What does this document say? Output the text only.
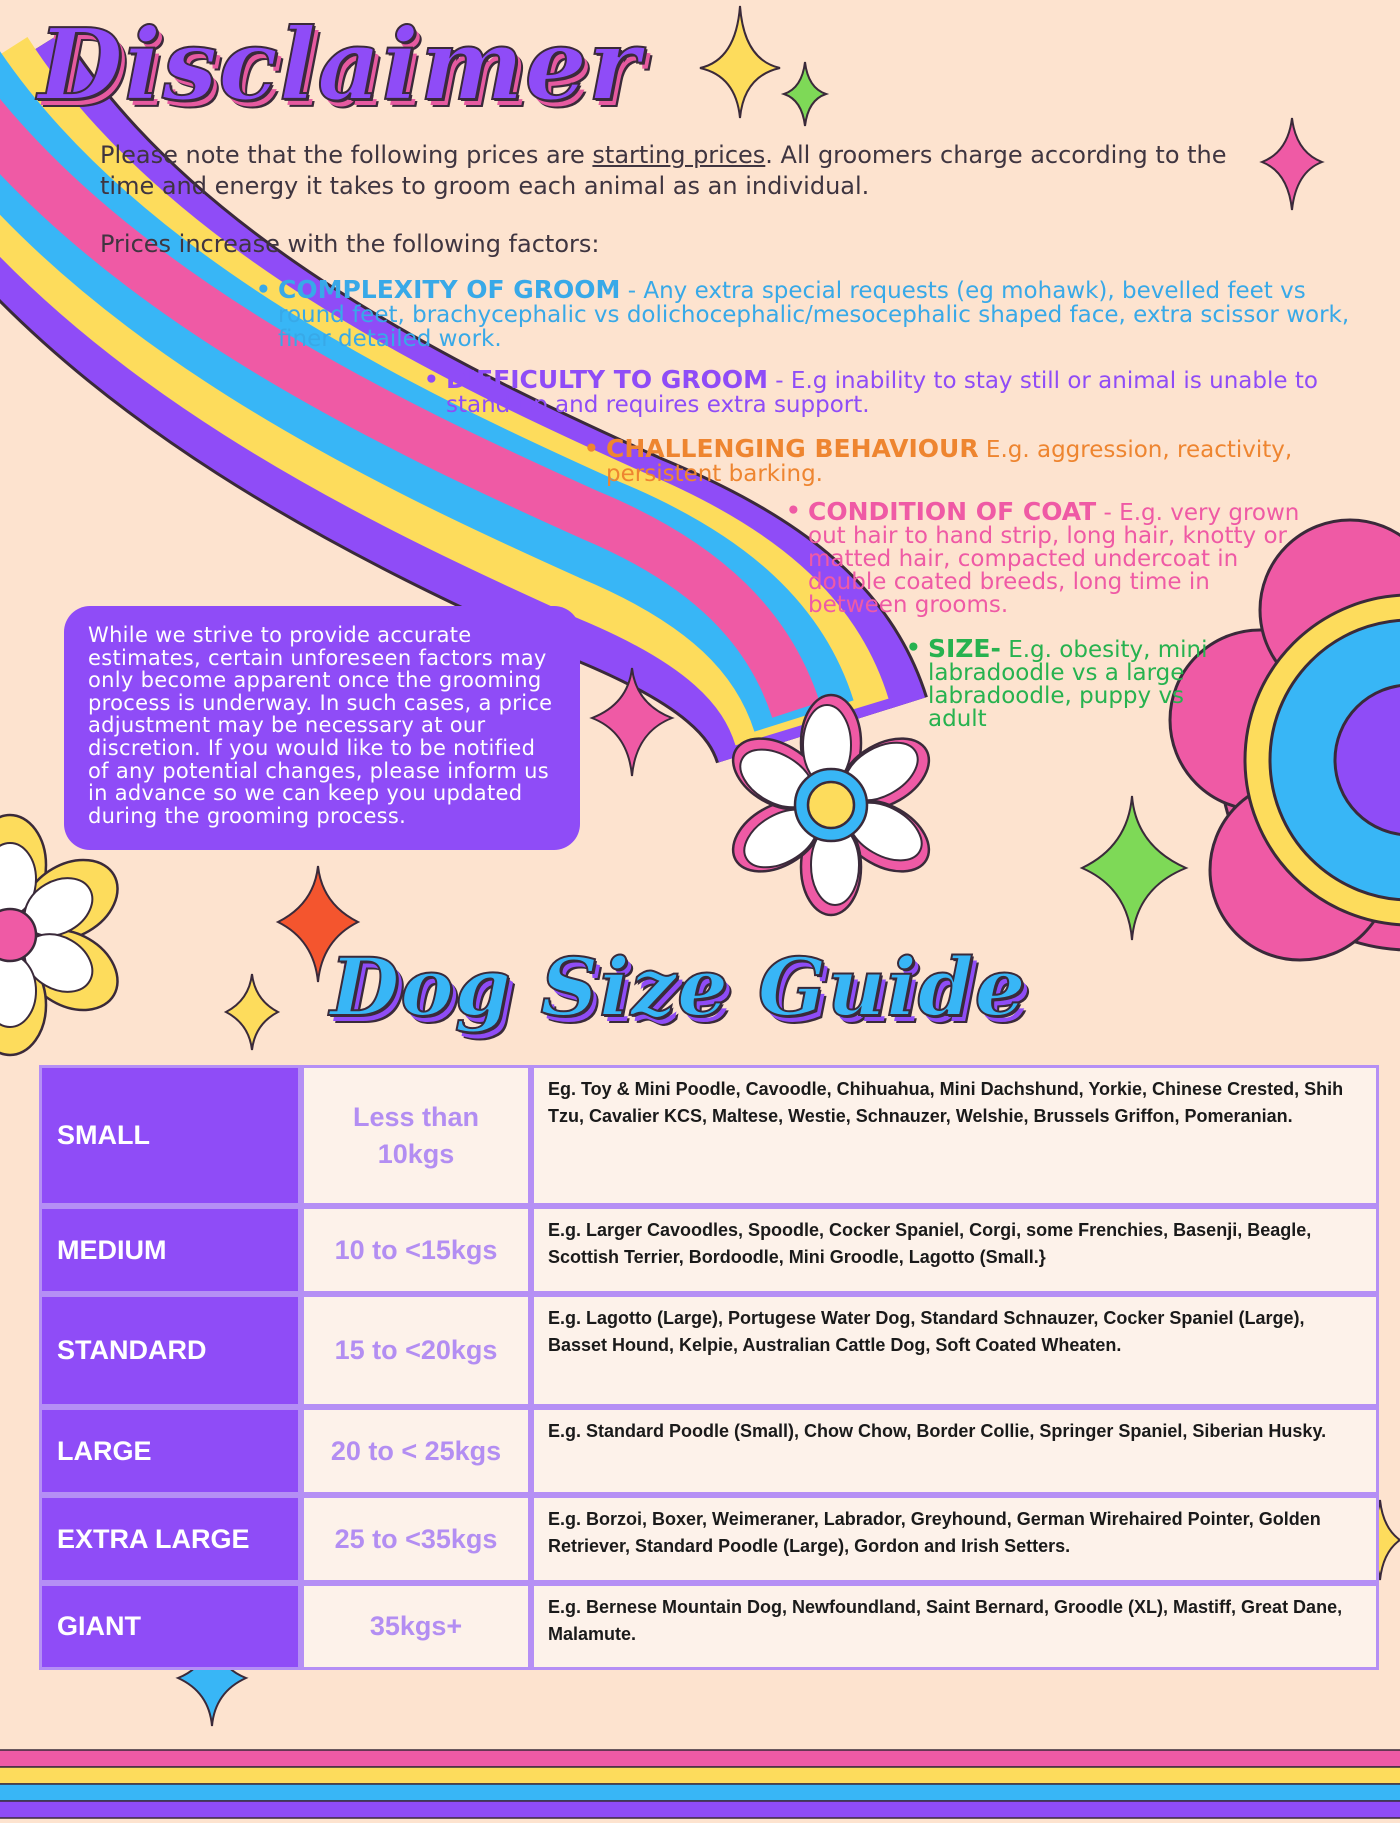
Disclaimer
Please note that the following prices are starting prices. All groomers charge according to the time and energy it takes to groom each animal as an individual.
Prices increase with the following factors:
• COMPLEXITY OF GROOM - Any extra special requests (eg mohawk), bevelled feet vs round feet, brachycephalic vs dolichocephalic/mesocephalic shaped face, extra scissor work, finer detailed work.
• DIFFICULTY TO GROOM - E.g inability to stay still or animal is unable to stand-up and requires extra support.
• CHALLENGING BEHAVIOUR E.g. aggression, reactivity, persistent barking.
• CONDITION OF COAT - E.g. very grown out hair to hand strip, long hair, knotty or matted hair, compacted undercoat in double coated breeds, long time in between grooms.
• SIZE- E.g. obesity, mini labradoodle vs a large labradoodle, puppy vs adult
While we strive to provide accurate estimates, certain unforeseen factors may only become apparent once the grooming process is underway. In such cases, a price adjustment may be necessary at our discretion. If you would like to be notified of any potential changes, please inform us in advance so we can keep you updated during the grooming process.
Dog Size Guide
SMALL	Less than 10kgs	Eg. Toy & Mini Poodle, Cavoodle, Chihuahua, Mini Dachshund, Yorkie, Chinese Crested, Shih Tzu, Cavalier KCS, Maltese, Westie, Schnauzer, Welshie, Brussels Griffon, Pomeranian.
MEDIUM	10 to <15kgs	E.g. Larger Cavoodles, Spoodle, Cocker Spaniel, Corgi, some Frenchies, Basenji, Beagle, Scottish Terrier, Bordoodle, Mini Groodle, Lagotto (Small.}
STANDARD	15 to <20kgs	E.g. Lagotto (Large), Portugese Water Dog, Standard Schnauzer, Cocker Spaniel (Large), Basset Hound, Kelpie, Australian Cattle Dog, Soft Coated Wheaten.
LARGE	20 to < 25kgs	E.g. Standard Poodle (Small), Chow Chow, Border Collie, Springer Spaniel, Siberian Husky.
EXTRA LARGE	25 to <35kgs	E.g. Borzoi, Boxer, Weimeraner, Labrador, Greyhound, German Wirehaired Pointer, Golden Retriever, Standard Poodle (Large), Gordon and Irish Setters.
GIANT	35kgs+	E.g. Bernese Mountain Dog, Newfoundland, Saint Bernard, Groodle (XL), Mastiff, Great Dane, Malamute.
